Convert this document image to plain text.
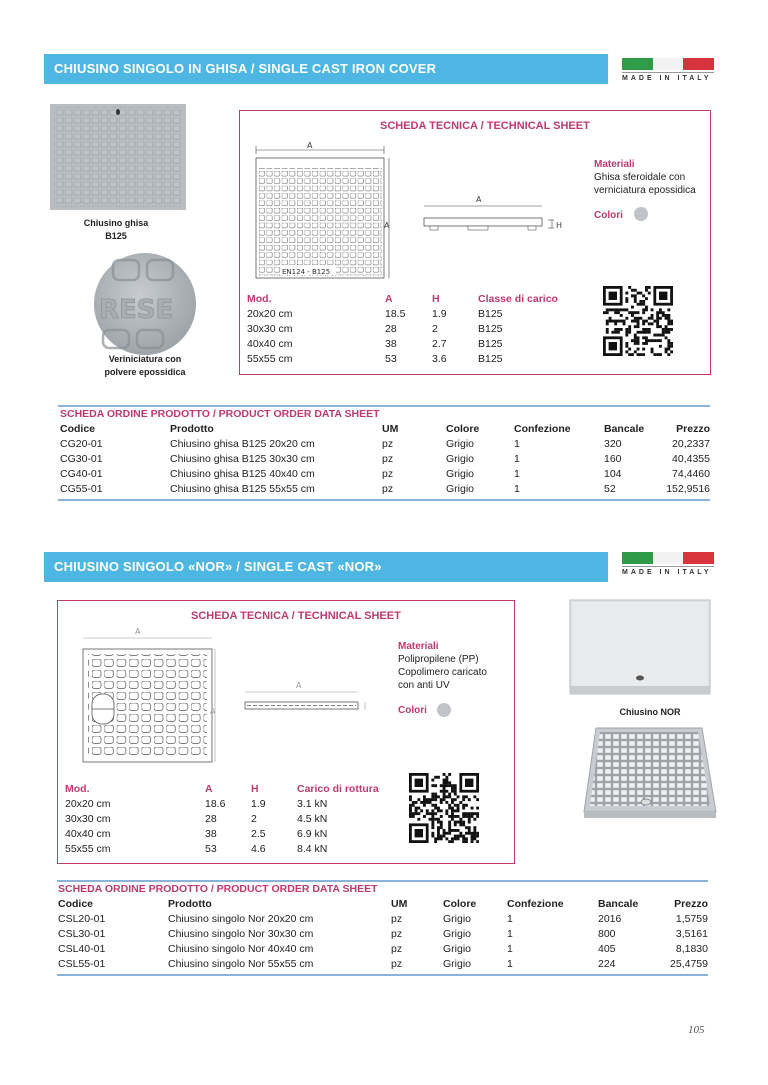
CHIUSINO SINGOLO IN GHISA / SINGLE CAST IRON COVER
MADE IN ITALY
Chiusino ghisa
B125
RESE
Veriniciatura con
polvere epossidica
SCHEDA TECNICA / TECHNICAL SHEET
EN124 - B125
A
A
A
H
Materiali
Ghisa sferoidale con
verniciatura epossidica
Colori
Mod.	A	H	Classe di carico
20x20 cm	18.5	1.9	B125
30x30 cm	28	2	B125
40x40 cm	38	2.7	B125
55x55 cm	53	3.6	B125
SCHEDA ORDINE PRODOTTO / PRODUCT ORDER DATA SHEET
Codice	Prodotto	UM	Colore	Confezione	Bancale	Prezzo
CG20-01	Chiusino ghisa B125 20x20 cm	pz	Grigio	1	320	20,2337
CG30-01	Chiusino ghisa B125 30x30 cm	pz	Grigio	1	160	40,4355
CG40-01	Chiusino ghisa B125 40x40 cm	pz	Grigio	1	104	74,4460
CG55-01	Chiusino ghisa B125 55x55 cm	pz	Grigio	1	52	152,9516
CHIUSINO SINGOLO «NOR» / SINGLE CAST «NOR»	MADE IN ITALY
SCHEDA TECNICA / TECHNICAL SHEET
A
A
A
Materiali
Polipropilene (PP)
Copolimero caricato
con anti UV
Colori
Mod.	A	H	Carico di rottura
20x20 cm	18.6	1.9	3.1 kN
30x30 cm	28	2	4.5 kN
40x40 cm	38	2.5	6.9 kN
55x55 cm	53	4.6	8.4 kN
Chiusino NOR
SCHEDA ORDINE PRODOTTO / PRODUCT ORDER DATA SHEET
Codice	Prodotto	UM	Colore	Confezione	Bancale	Prezzo
CSL20-01	Chiusino singolo Nor 20x20 cm	pz	Grigio	1	2016	1,5759
CSL30-01	Chiusino singolo Nor 30x30 cm	pz	Grigio	1	800	3,5161
CSL40-01	Chiusino singolo Nor 40x40 cm	pz	Grigio	1	405	8,1830
CSL55-01	Chiusino singolo Nor 55x55 cm	pz	Grigio	1	224	25,4759
105
